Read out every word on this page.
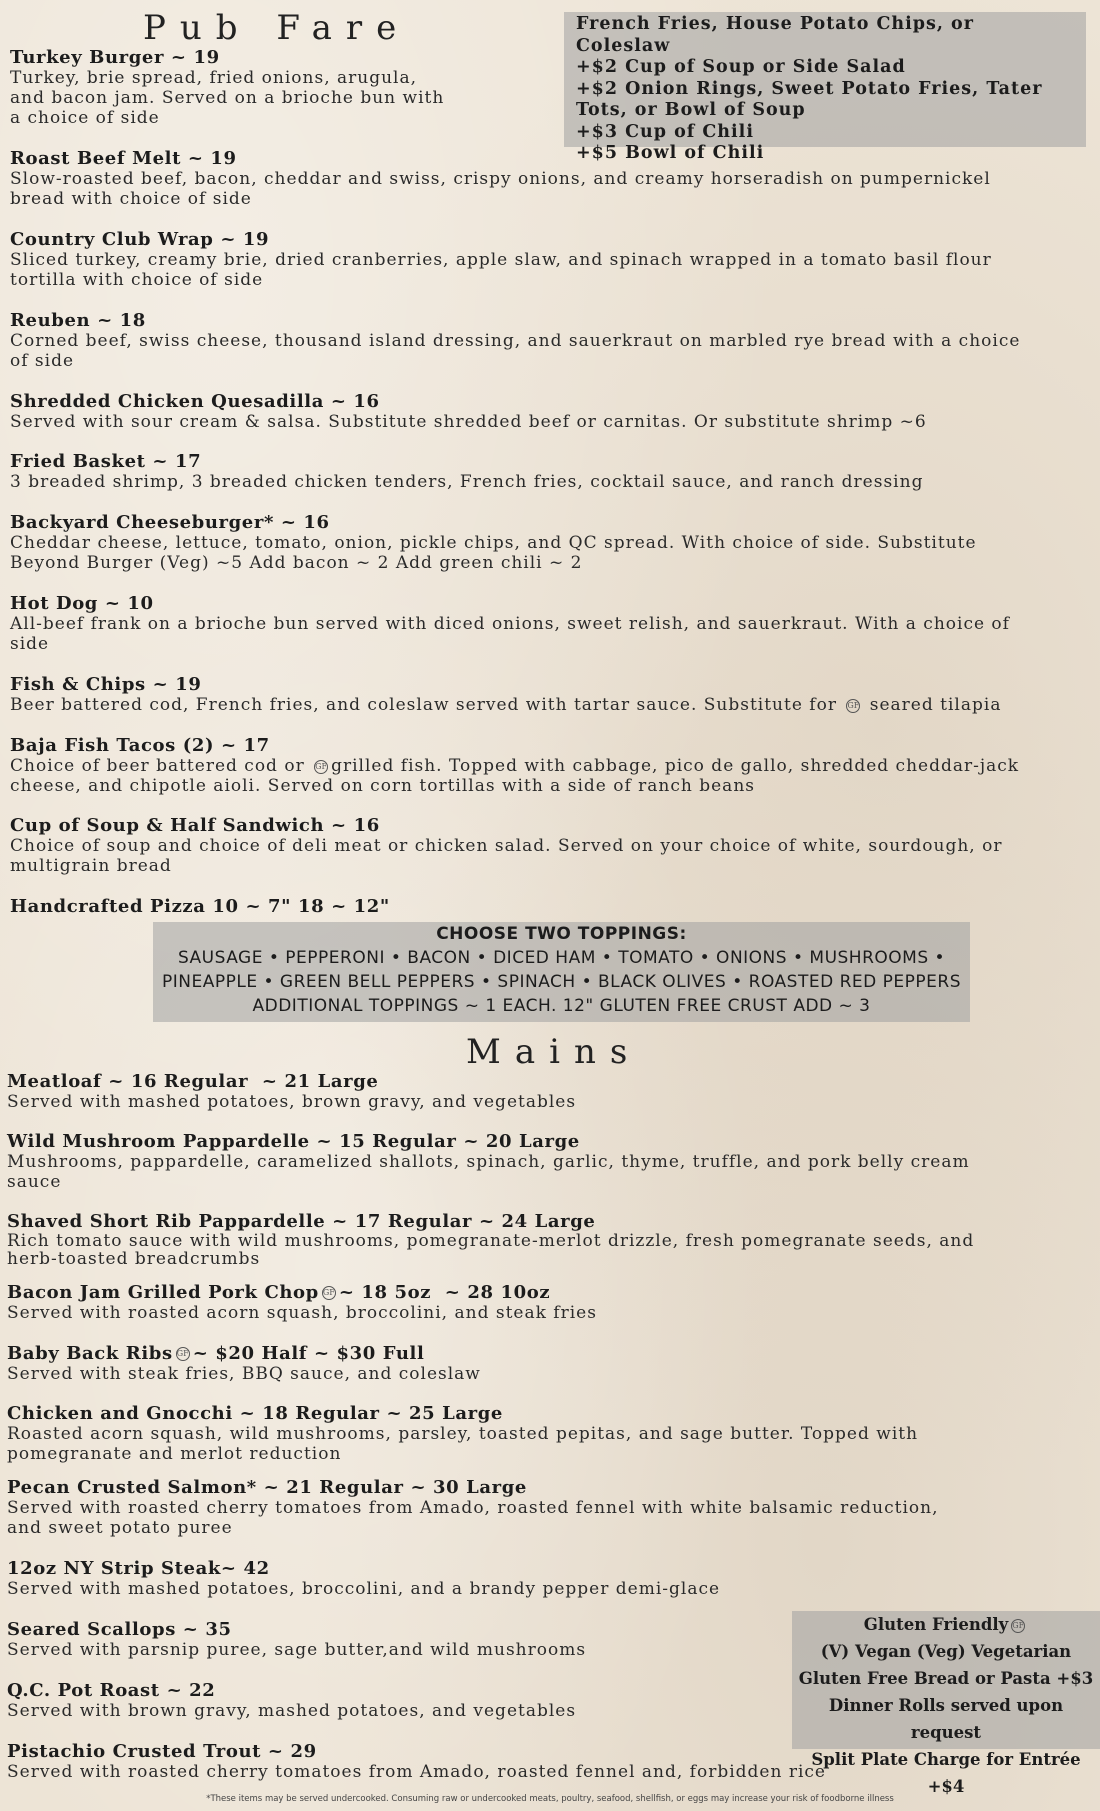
Pub Fare	French Fries, House Potato Chips, or Coleslaw
+$2 Cup of Soup or Side Salad
+$2 Onion Rings, Sweet Potato Fries, Tater
Tots, or Bowl of Soup
+$3 Cup of Chili
+$5 Bowl of Chili
Turkey Burger ~ 19
Turkey, brie spread, fried onions, arugula,
and bacon jam. Served on a brioche bun with
a choice of side
Roast Beef Melt ~ 19
Slow-roasted beef, bacon, cheddar and swiss, crispy onions, and creamy horseradish on pumpernickel
bread with choice of side
Country Club Wrap ~ 19
Sliced turkey, creamy brie, dried cranberries, apple slaw, and spinach wrapped in a tomato basil flour
tortilla with choice of side
Reuben ~ 18
Corned beef, swiss cheese, thousand island dressing, and sauerkraut on marbled rye bread with a choice
of side
Shredded Chicken Quesadilla ~ 16
Served with sour cream & salsa. Substitute shredded beef or carnitas. Or substitute shrimp ~6
Fried Basket ~ 17
3 breaded shrimp, 3 breaded chicken tenders, French fries, cocktail sauce, and ranch dressing
Backyard Cheeseburger* ~ 16
Cheddar cheese, lettuce, tomato, onion, pickle chips, and QC spread. With choice of side. Substitute
Beyond Burger (Veg) ~5 Add bacon ~ 2 Add green chili ~ 2
Hot Dog ~ 10
All-beef frank on a brioche bun served with diced onions, sweet relish, and sauerkraut. With a choice of
side
Fish & Chips ~ 19
Beer battered cod, French fries, and coleslaw served with tartar sauce. Substitute for GF seared tilapia
Baja Fish Tacos (2) ~ 17
Choice of beer battered cod or GF grilled fish. Topped with cabbage, pico de gallo, shredded cheddar-jack
cheese, and chipotle aioli. Served on corn tortillas with a side of ranch beans
Cup of Soup & Half Sandwich ~ 16
Choice of soup and choice of deli meat or chicken salad. Served on your choice of white, sourdough, or
multigrain bread
Handcrafted Pizza 10 ~ 7" 18 ~ 12"
CHOOSE TWO TOPPINGS:
SAUSAGE • PEPPERONI • BACON • DICED HAM • TOMATO • ONIONS • MUSHROOMS •
PINEAPPLE • GREEN BELL PEPPERS • SPINACH • BLACK OLIVES • ROASTED RED PEPPERS
ADDITIONAL TOPPINGS ~ 1 EACH. 12" GLUTEN FREE CRUST ADD ~ 3
Mains
Meatloaf ~ 16 Regular  ~ 21 Large
Served with mashed potatoes, brown gravy, and vegetables
Wild Mushroom Pappardelle ~ 15 Regular ~ 20 Large
Mushrooms, pappardelle, caramelized shallots, spinach, garlic, thyme, truffle, and pork belly cream
sauce
Shaved Short Rib Pappardelle ~ 17 Regular ~ 24 Large
Rich tomato sauce with wild mushrooms, pomegranate-merlot drizzle, fresh pomegranate seeds, and
herb-toasted breadcrumbs
Bacon Jam Grilled Pork Chop GF ~ 18 5oz  ~ 28 10oz
Served with roasted acorn squash, broccolini, and steak fries
Baby Back Ribs GF ~ $20 Half ~ $30 Full
Served with steak fries, BBQ sauce, and coleslaw
Chicken and Gnocchi ~ 18 Regular ~ 25 Large
Roasted acorn squash, wild mushrooms, parsley, toasted pepitas, and sage butter. Topped with
pomegranate and merlot reduction
Pecan Crusted Salmon* ~ 21 Regular ~ 30 Large
Served with roasted cherry tomatoes from Amado, roasted fennel with white balsamic reduction,
and sweet potato puree
12oz NY Strip Steak~ 42
Served with mashed potatoes, broccolini, and a brandy pepper demi-glace
Seared Scallops ~ 35
Served with parsnip puree, sage butter,and wild mushrooms
Q.C. Pot Roast ~ 22
Served with brown gravy, mashed potatoes, and vegetables
Pistachio Crusted Trout ~ 29
Served with roasted cherry tomatoes from Amado, roasted fennel and, forbidden rice
Gluten Friendly GF
(V) Vegan (Veg) Vegetarian
Gluten Free Bread or Pasta +$3
Dinner Rolls served upon request
Split Plate Charge for Entrée +$4
*These items may be served undercooked. Consuming raw or undercooked meats, poultry, seafood, shellfish, or eggs may increase your risk of foodborne illness
